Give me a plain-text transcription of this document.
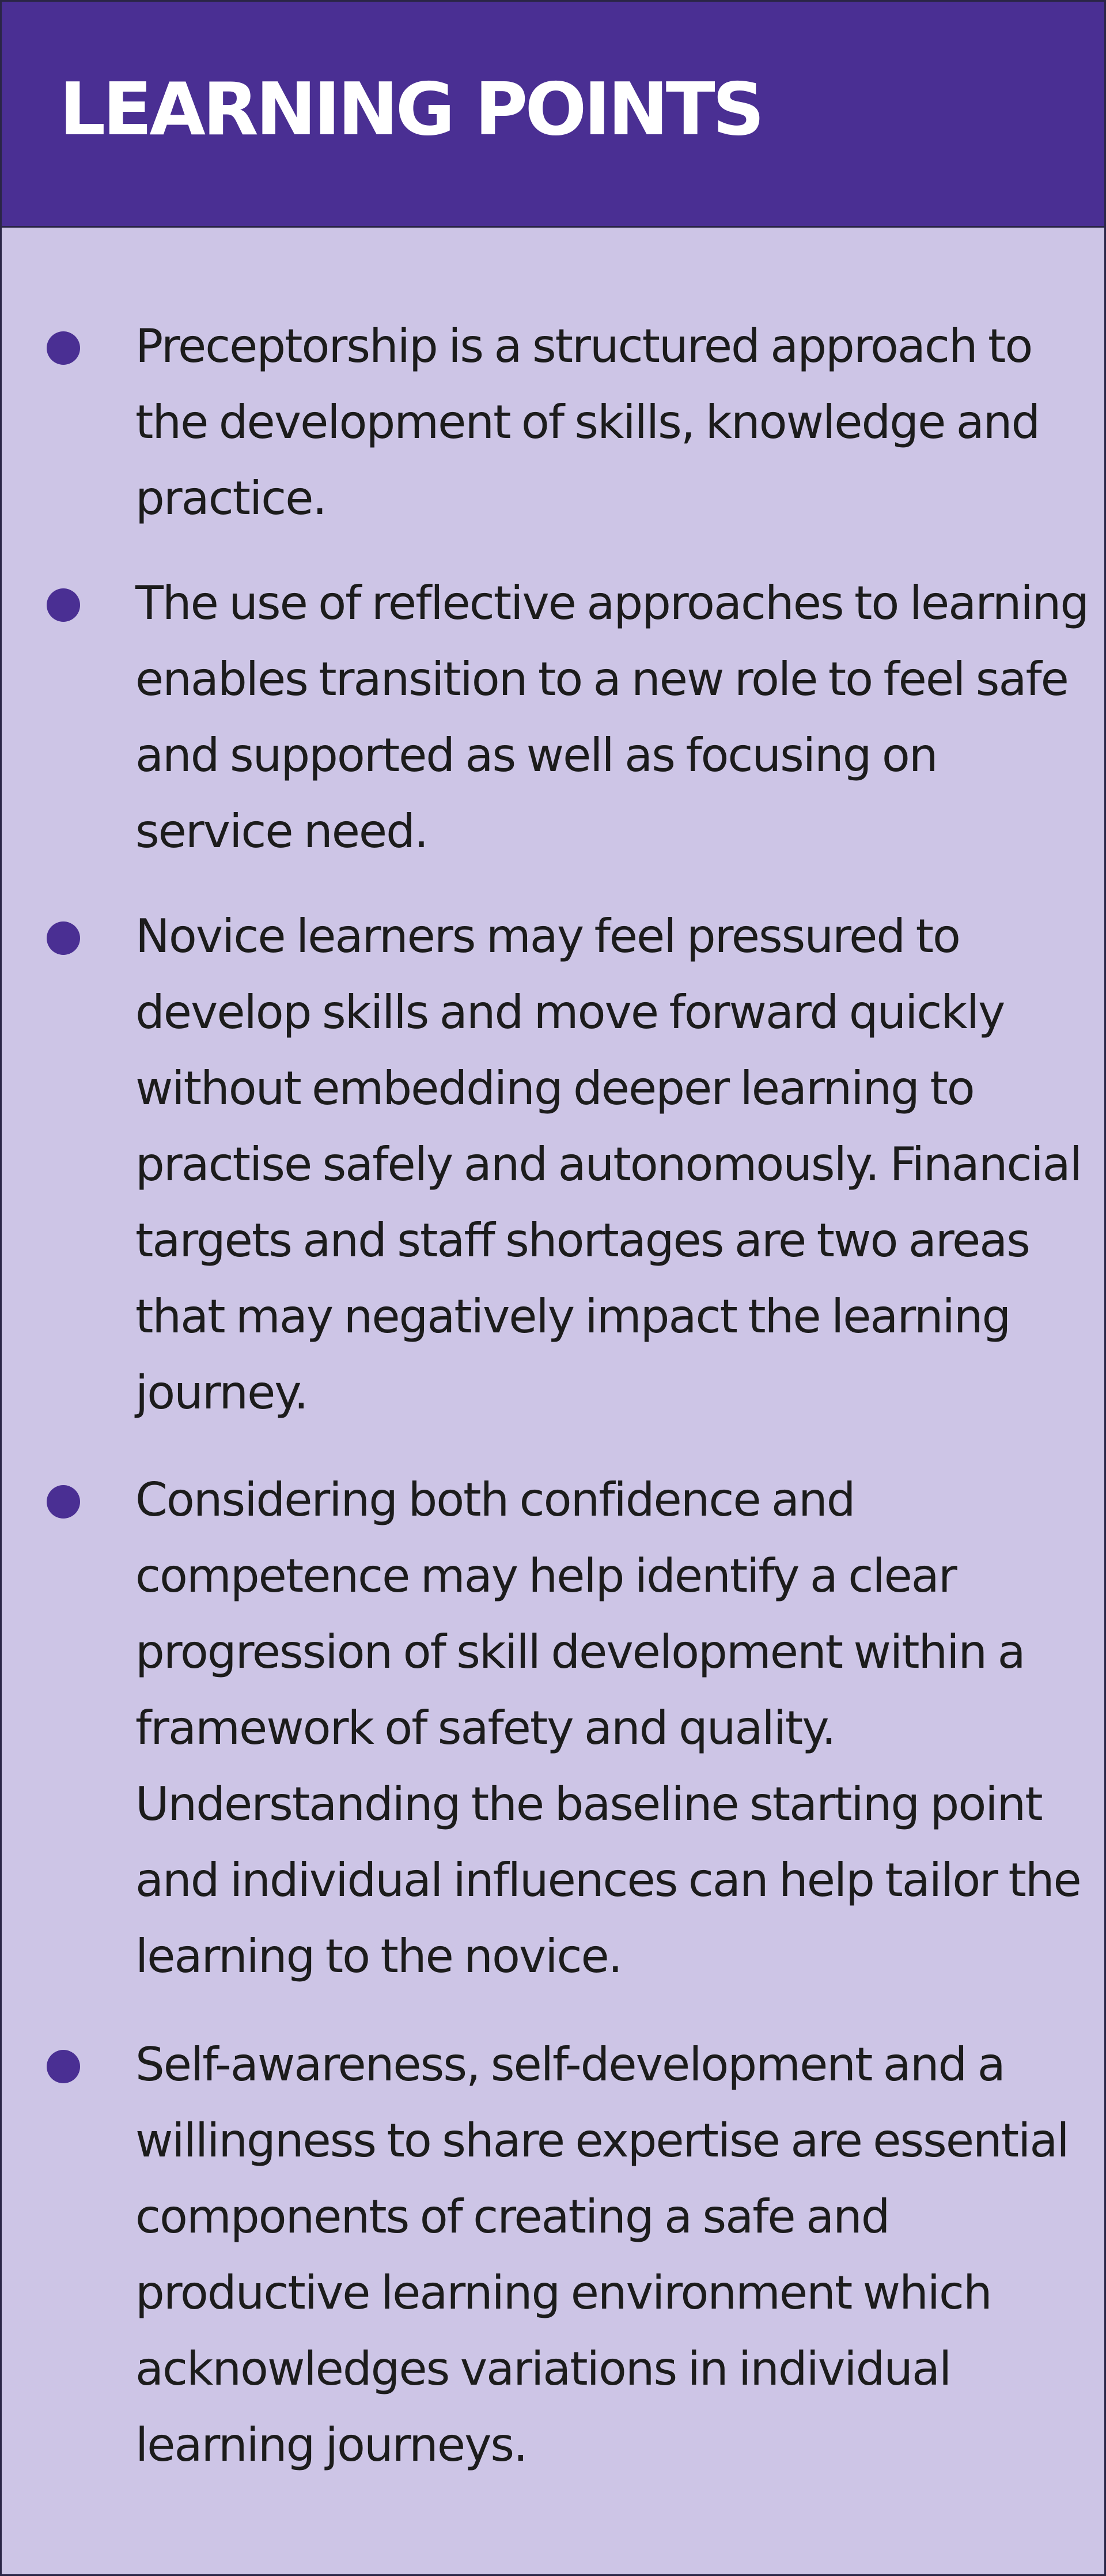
LEARNING POINTS

Preceptorship is a structured approach to the development of skills, knowledge and practice.

The use of reflective approaches to learning enables transition to a new role to feel safe and supported as well as focusing on service need.

Novice learners may feel pressured to develop skills and move forward quickly without embedding deeper learning to practise safely and autonomously. Financial targets and staff shortages are two areas that may negatively impact the learning journey.

Considering both confidence and competence may help identify a clear progression of skill development within a framework of safety and quality. Understanding the baseline starting point and individual influences can help tailor the learning to the novice.

Self-awareness, self-development and a willingness to share expertise are essential components of creating a safe and productive learning environment which acknowledges variations in individual learning journeys.
